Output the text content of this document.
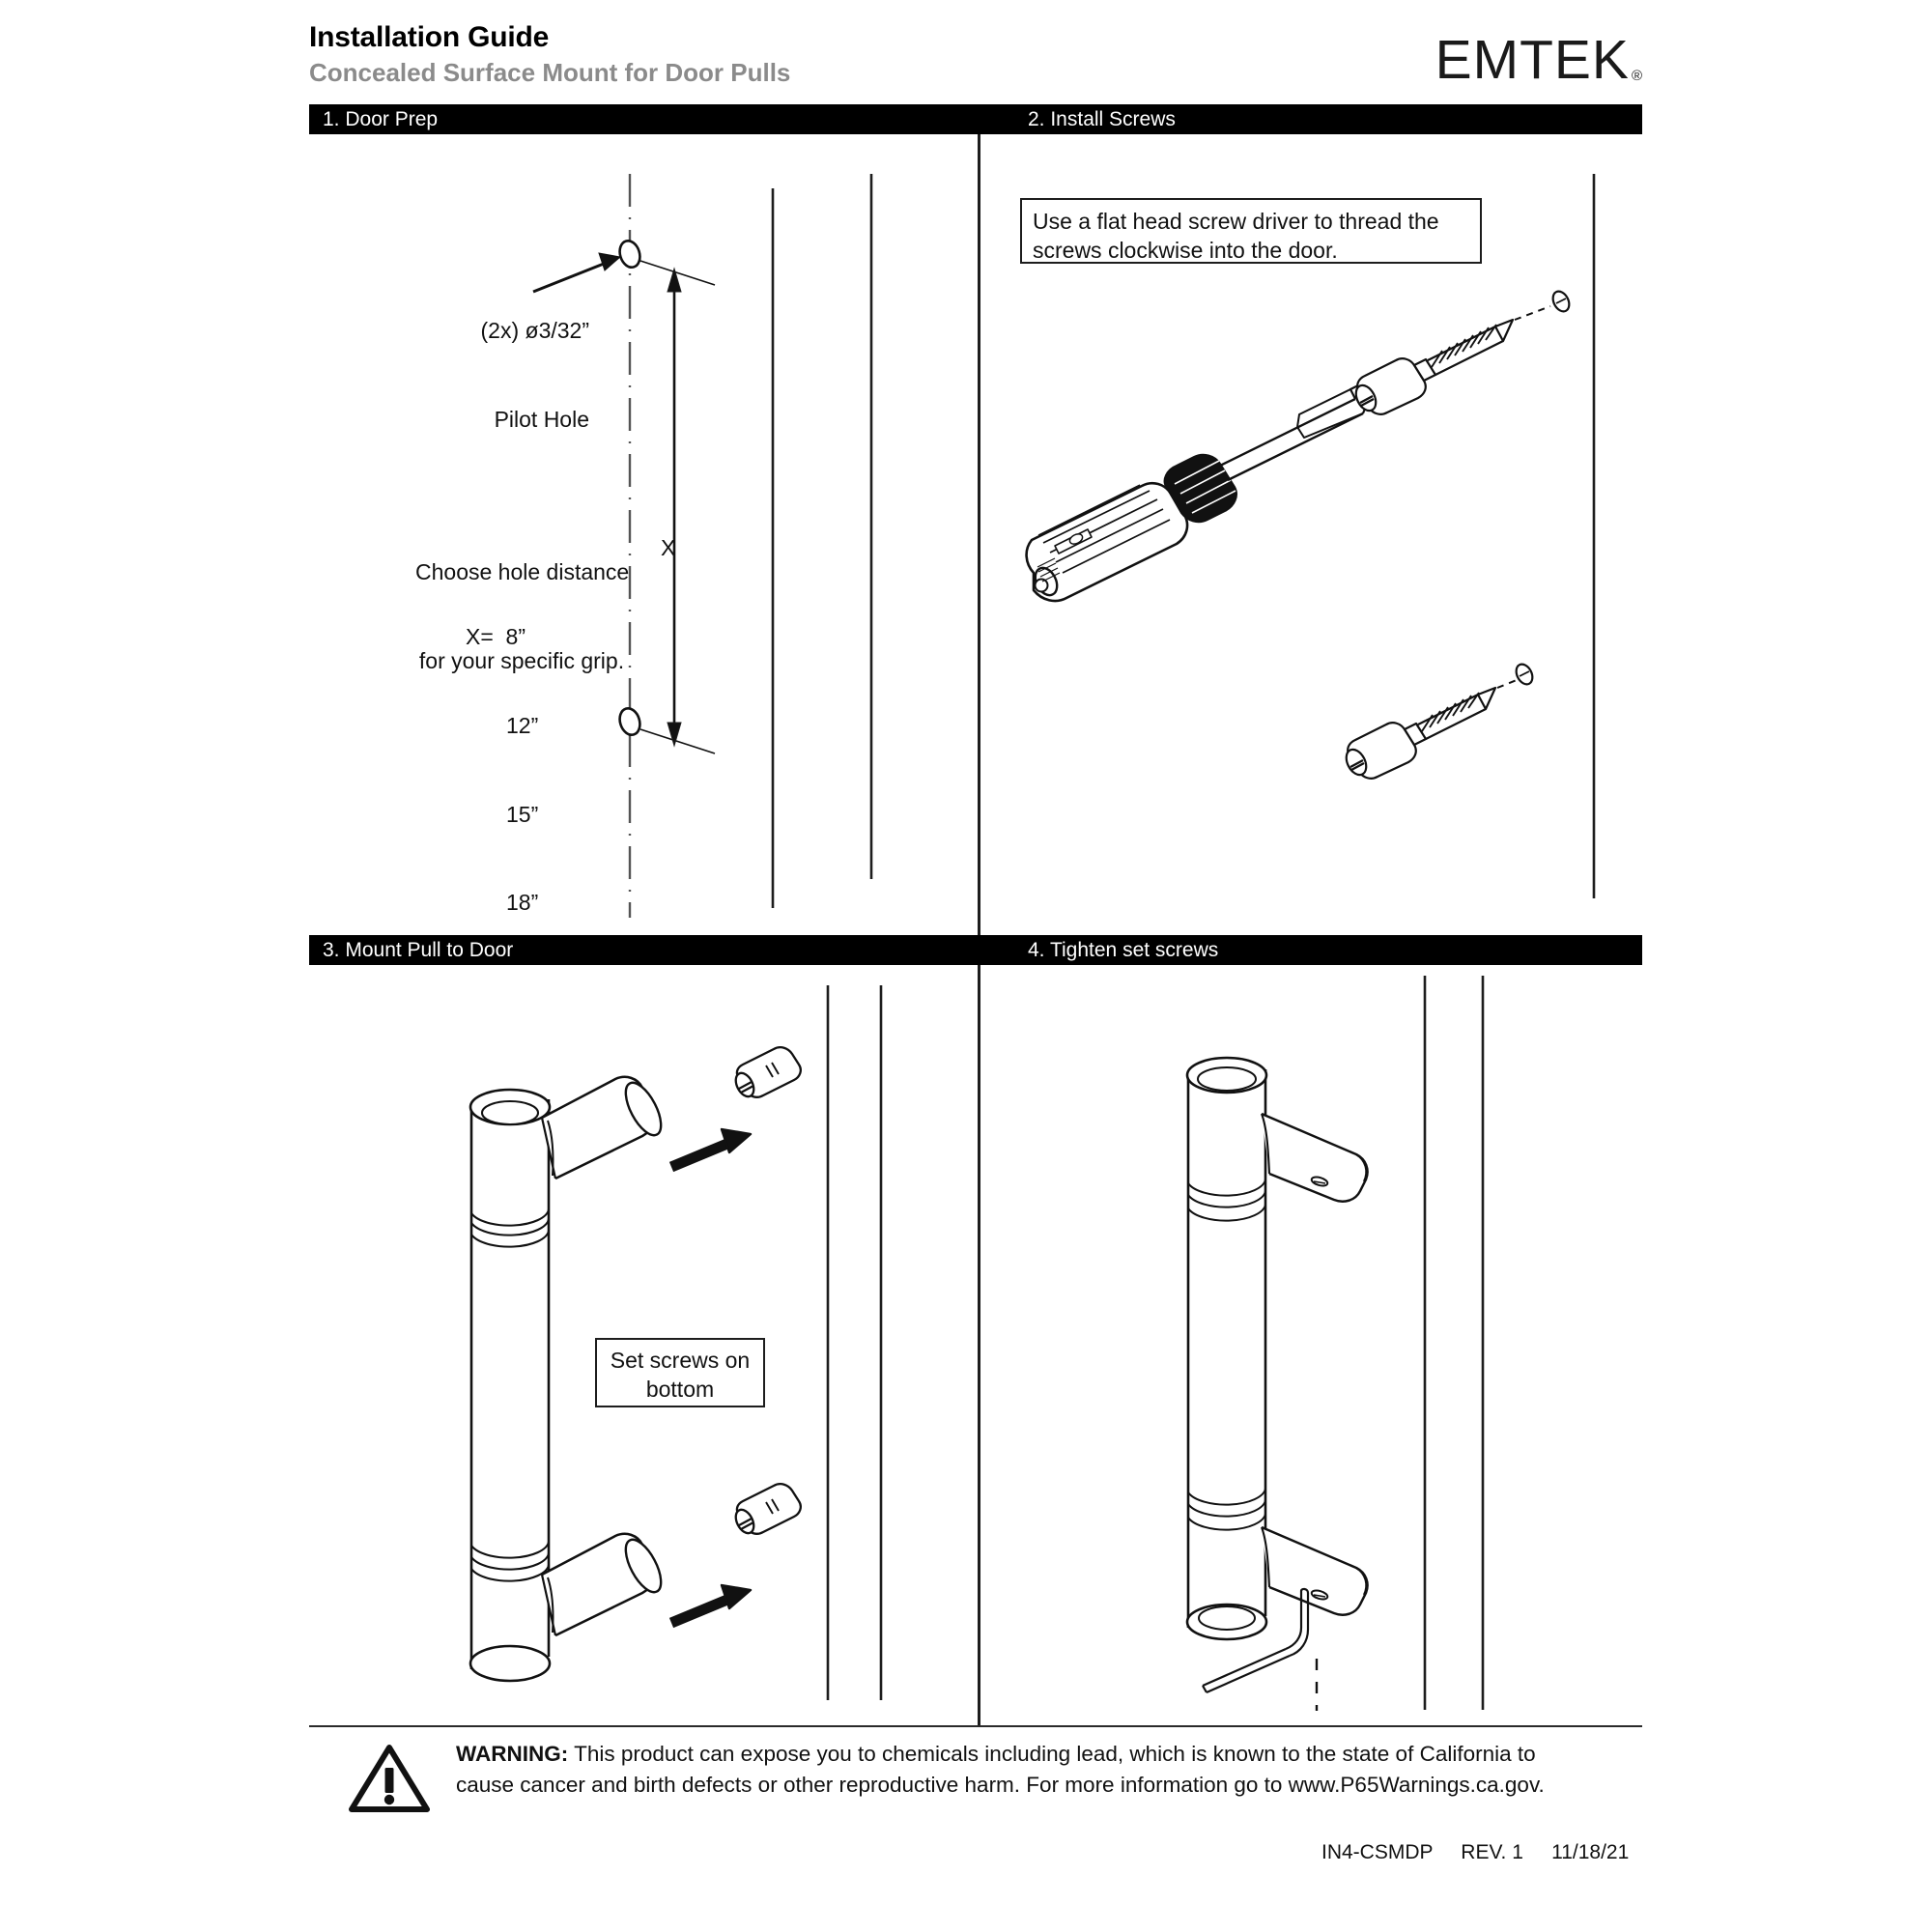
Installation Guide
Concealed Surface Mount for Door Pulls	EMTEK ®
1. Door Prep	2. Install Screws
3. Mount Pull to Door	4. Tighten set screws

(2x) ø3/32”

Pilot Hole

Choose hole distance

for your specific grip.

X=  8”

12”

15”

18”

X
Use a flat head screw driver to thread the
screws clockwise into the door.
Set screws on
bottom
WARNING: This product can expose you to chemicals including lead, which is known to the state of California to
cause cancer and birth defects or other reproductive harm. For more information go to www.P65Warnings.ca.gov.
IN4-CSMDP     REV. 1     11/18/21
